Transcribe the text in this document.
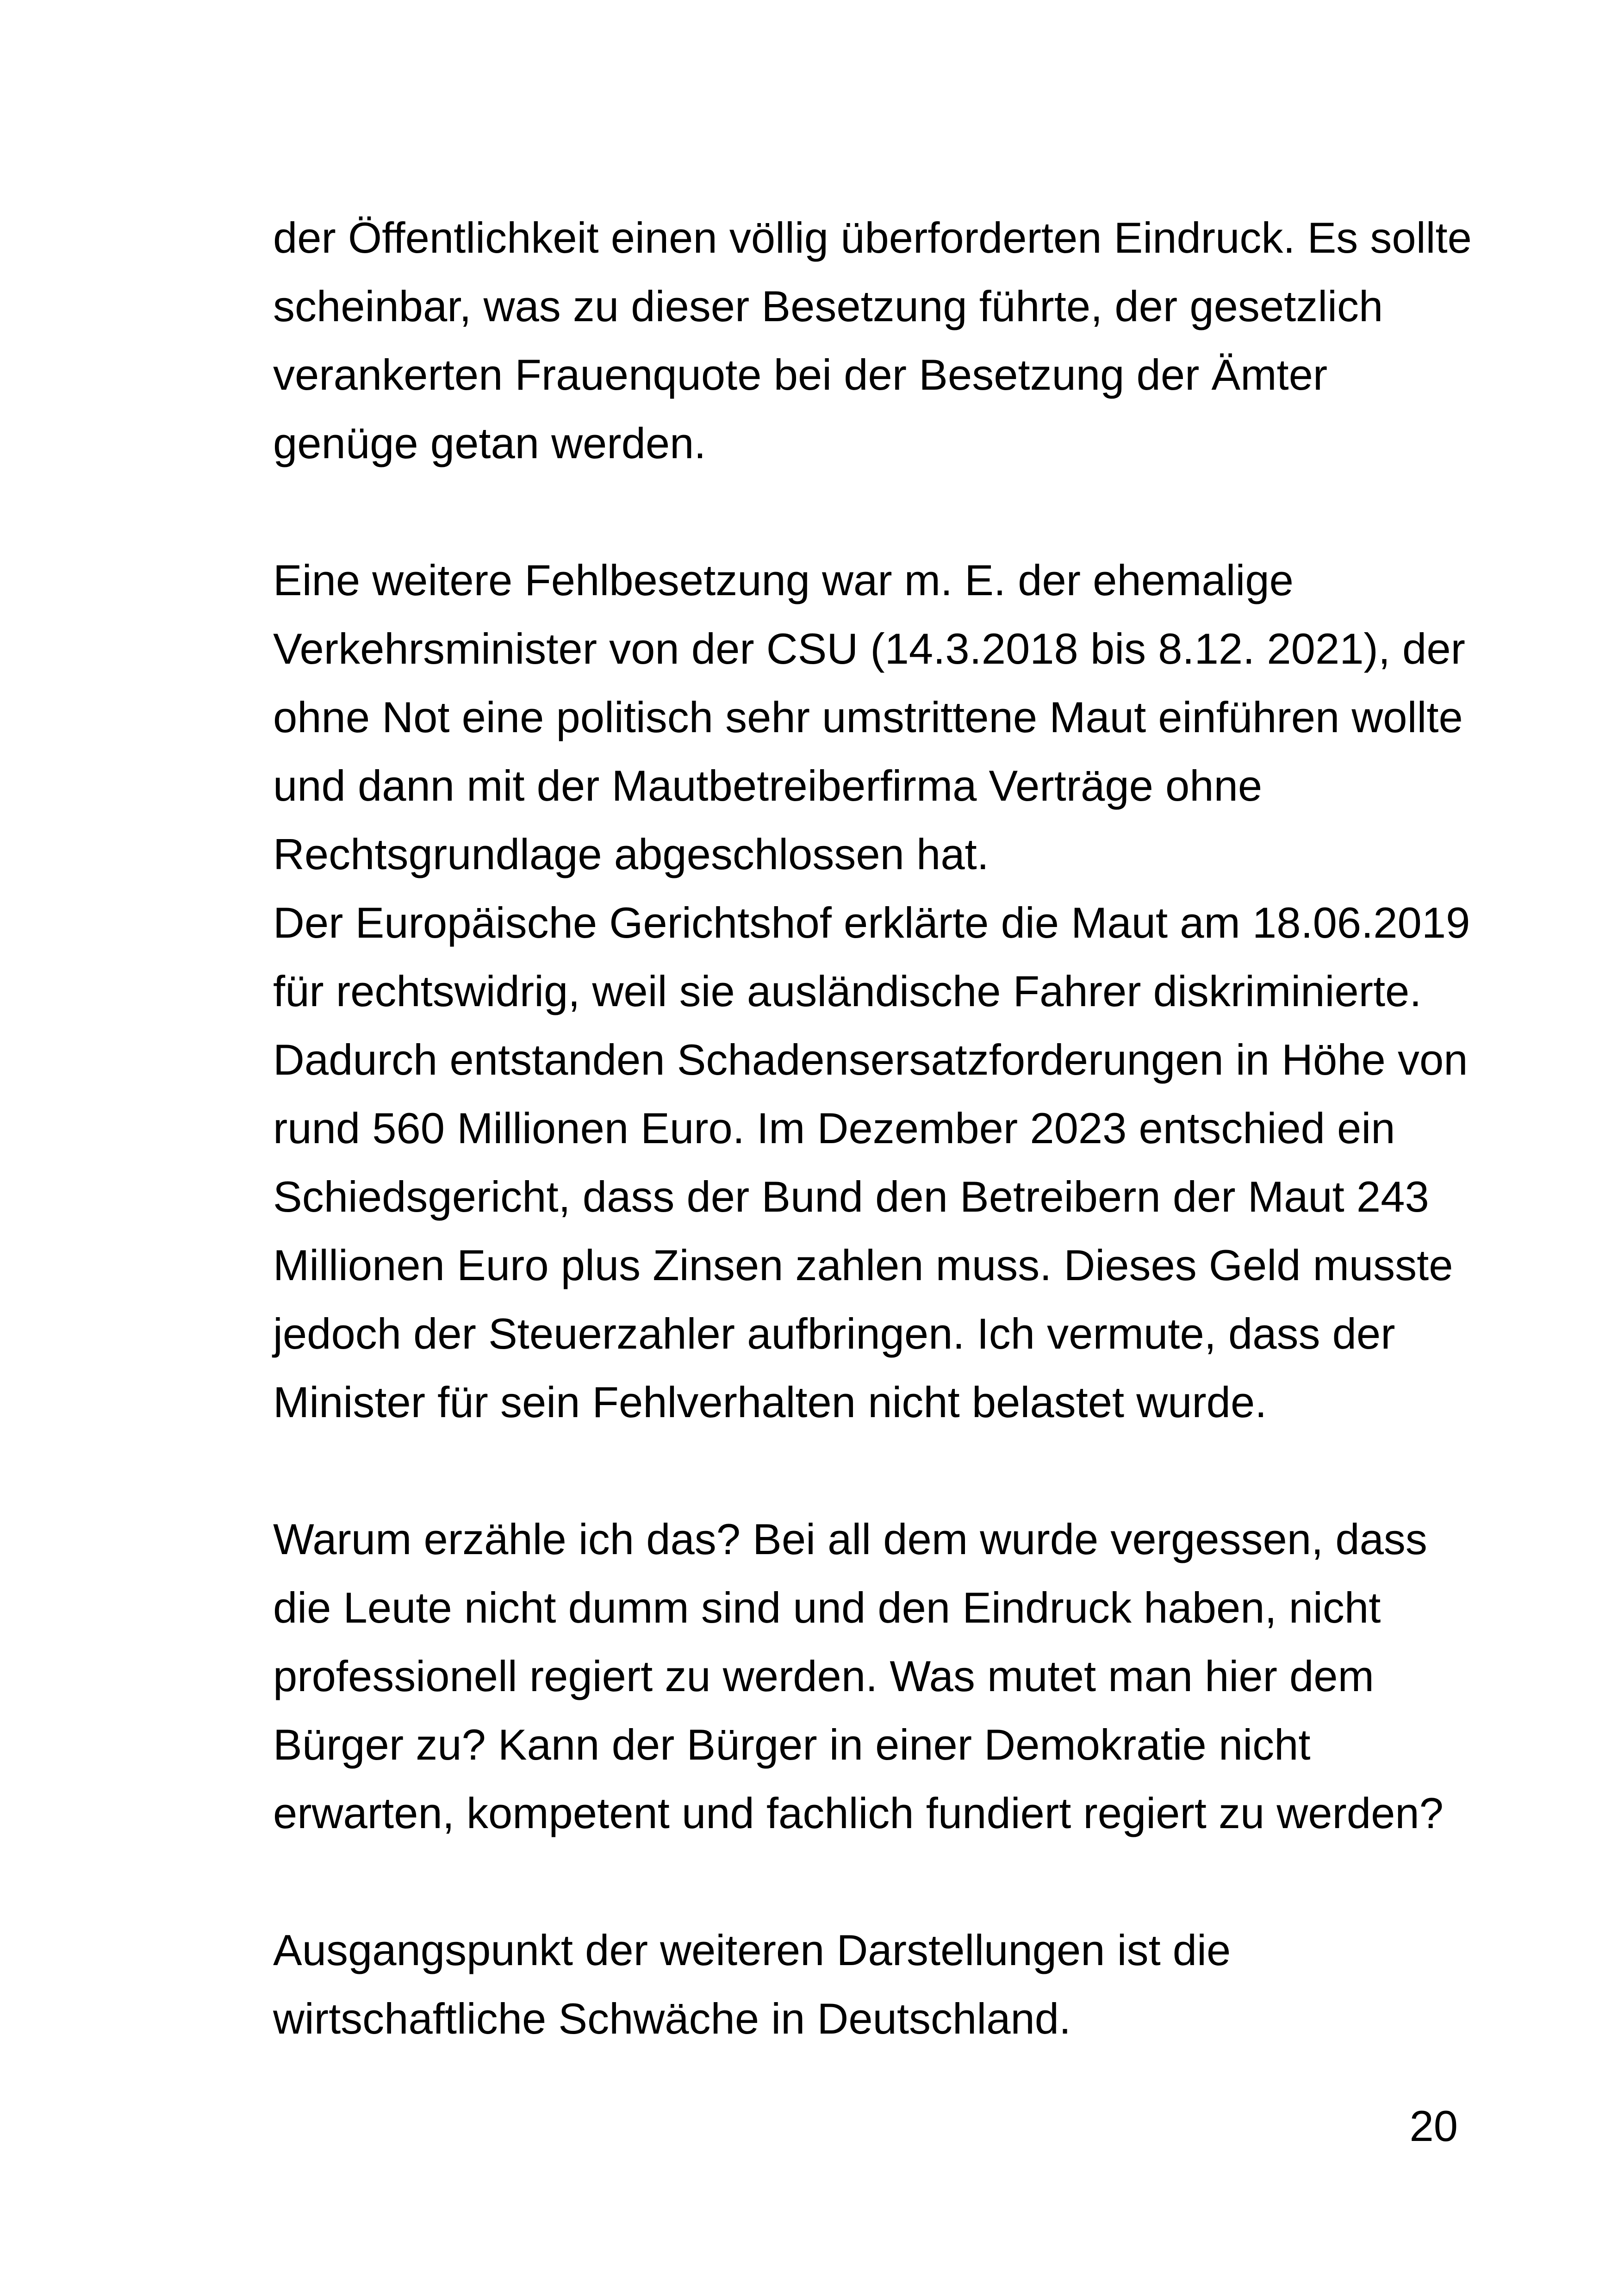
der Öffentlichkeit einen völlig überforderten Eindruck. Es sollte
scheinbar, was zu dieser Besetzung führte, der gesetzlich
verankerten Frauenquote bei der Besetzung der Ämter
genüge getan werden.
Eine weitere Fehlbesetzung war m. E. der ehemalige
Verkehrsminister von der CSU (14.3.2018 bis 8.12. 2021), der
ohne Not eine politisch sehr umstrittene Maut einführen wollte
und dann mit der Mautbetreiberfirma Verträge ohne
Rechtsgrundlage abgeschlossen hat.
Der Europäische Gerichtshof erklärte die Maut am 18.06.2019
für rechtswidrig, weil sie ausländische Fahrer diskriminierte.
Dadurch entstanden Schadensersatzforderungen in Höhe von
rund 560 Millionen Euro. Im Dezember 2023 entschied ein
Schiedsgericht, dass der Bund den Betreibern der Maut 243
Millionen Euro plus Zinsen zahlen muss. Dieses Geld musste
jedoch der Steuerzahler aufbringen. Ich vermute, dass der
Minister für sein Fehlverhalten nicht belastet wurde.
Warum erzähle ich das? Bei all dem wurde vergessen, dass
die Leute nicht dumm sind und den Eindruck haben, nicht
professionell regiert zu werden. Was mutet man hier dem
Bürger zu? Kann der Bürger in einer Demokratie nicht
erwarten, kompetent und fachlich fundiert regiert zu werden?
Ausgangspunkt der weiteren Darstellungen ist die
wirtschaftliche Schwäche in Deutschland.
20
